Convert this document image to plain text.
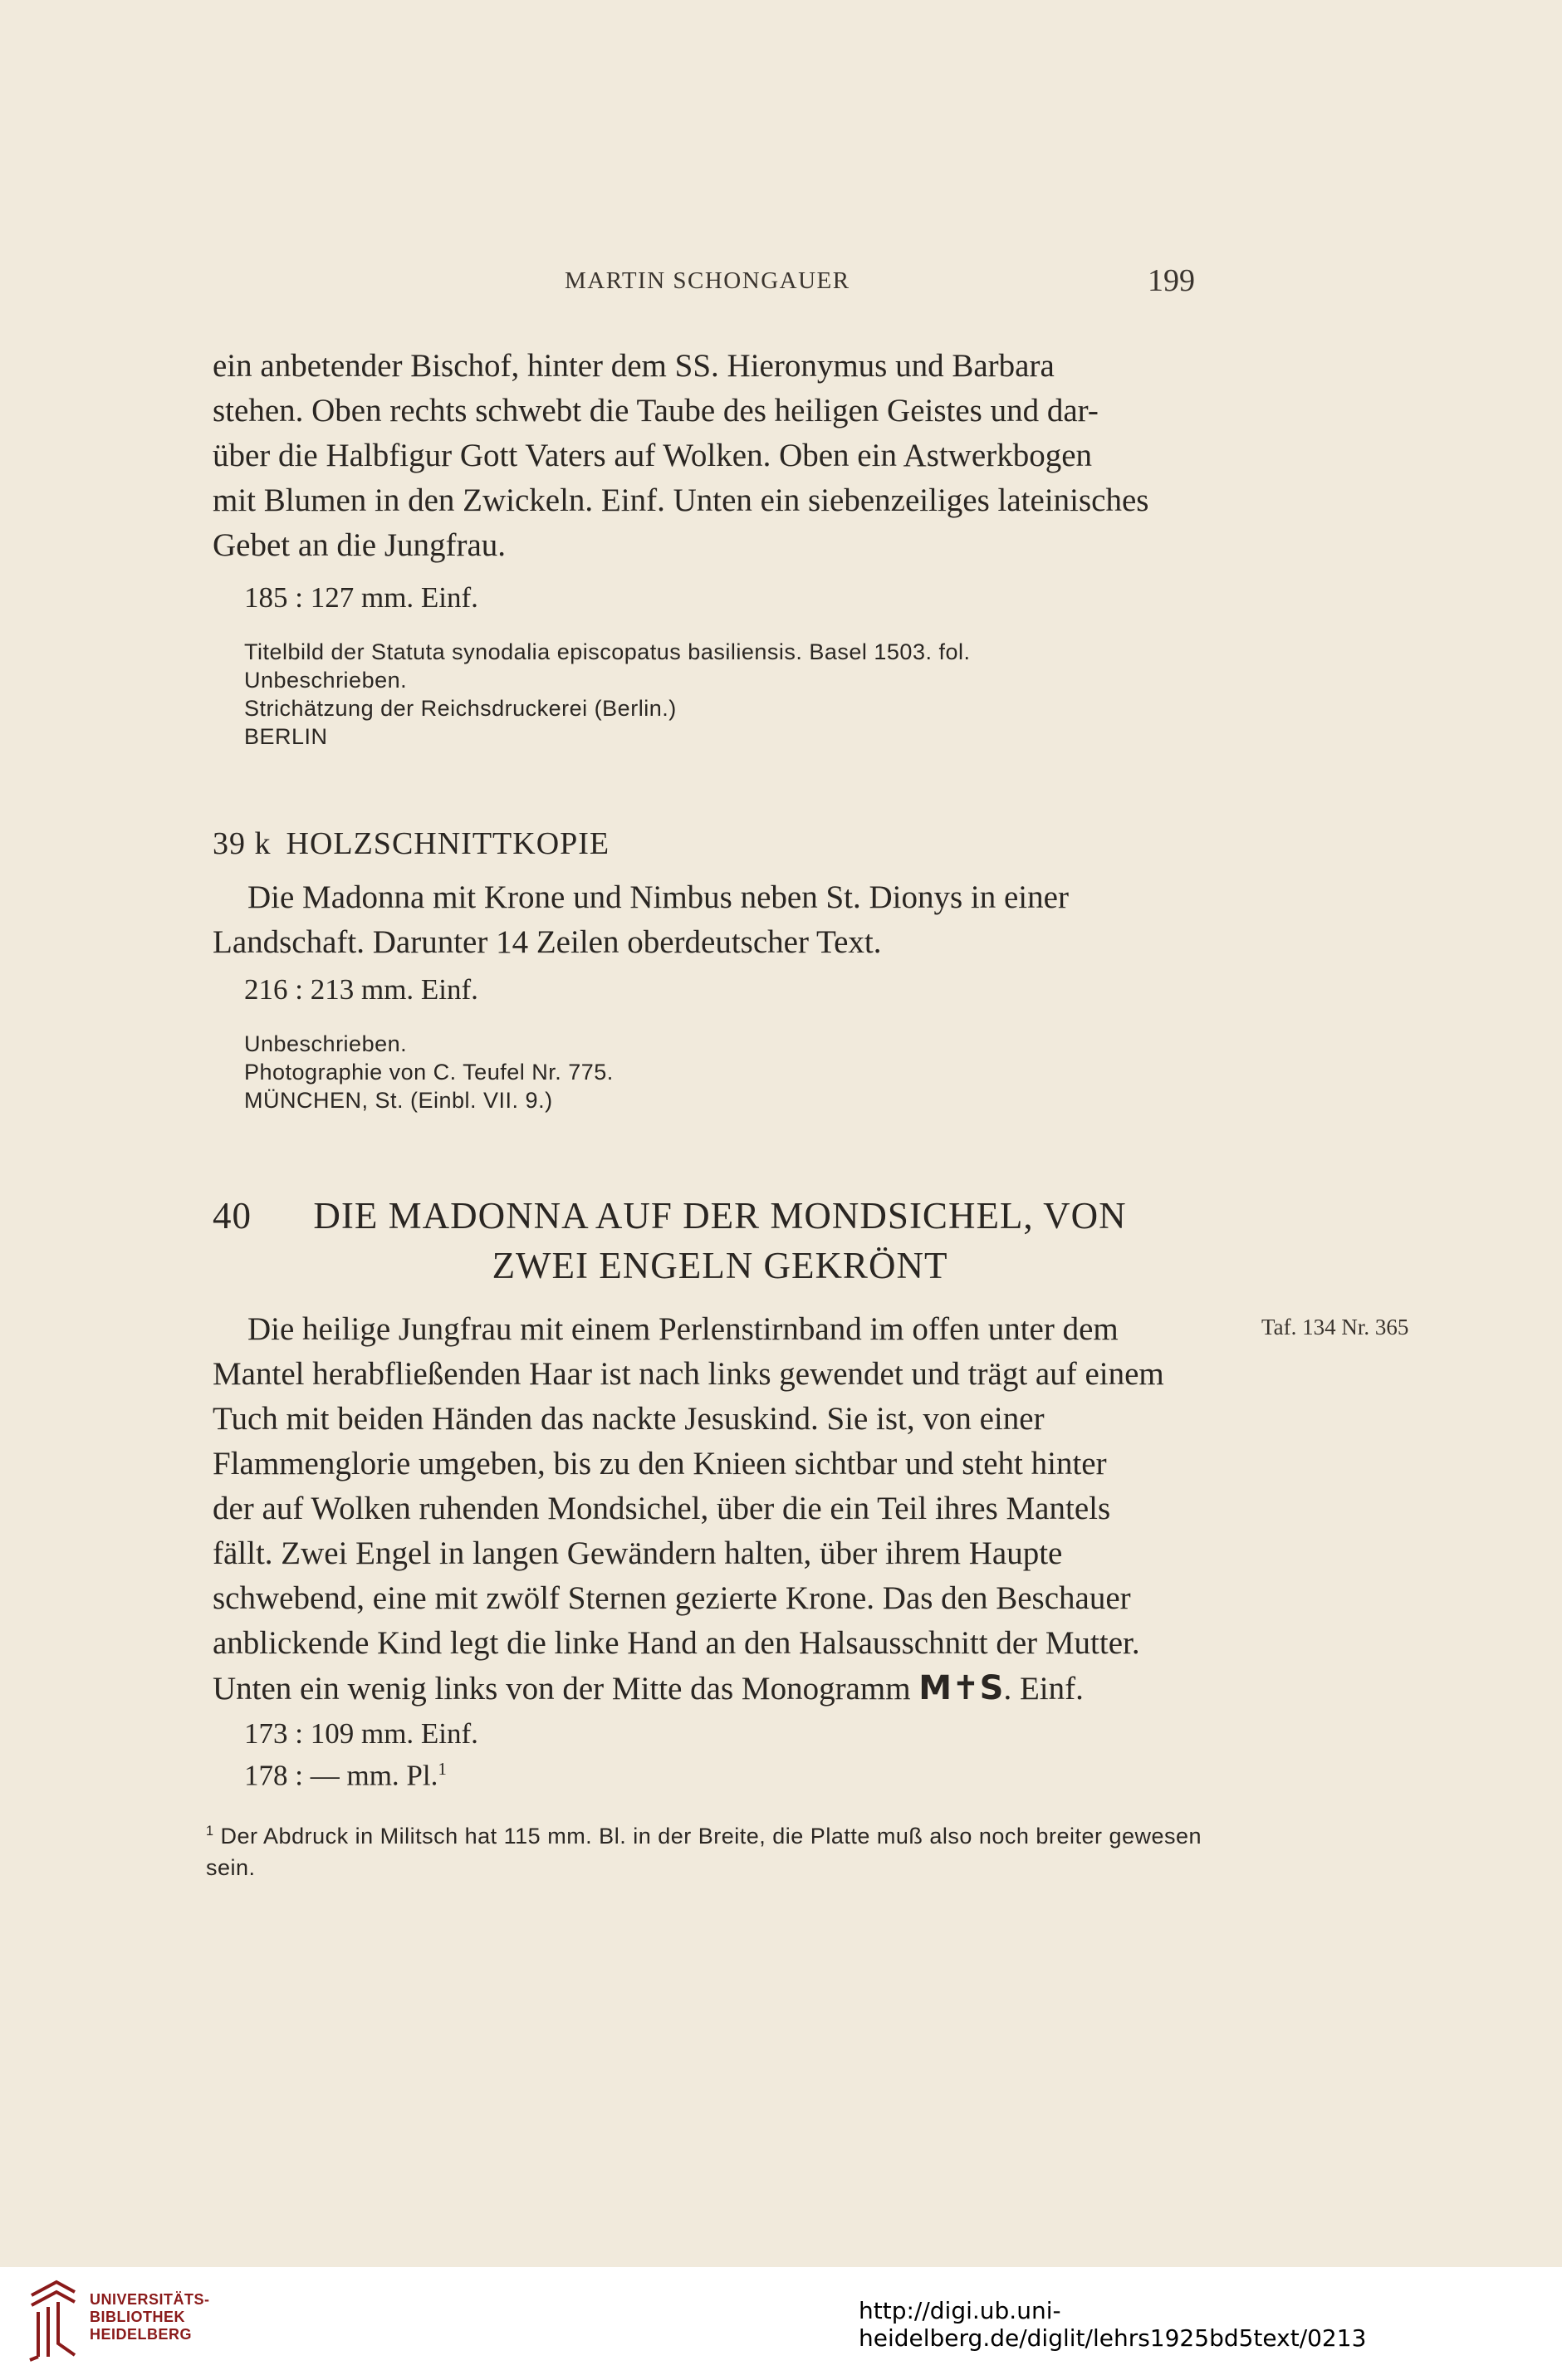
MARTIN SCHONGAUER	199
ein anbetender Bischof, hinter dem SS. Hieronymus und Barbara
stehen. Oben rechts schwebt die Taube des heiligen Geistes und dar-
über die Halbfigur Gott Vaters auf Wolken. Oben ein Astwerkbogen
mit Blumen in den Zwickeln. Einf. Unten ein siebenzeiliges lateinisches
Gebet an die Jungfrau.
185 : 127 mm. Einf.
Titelbild der Statuta synodalia episcopatus basiliensis. Basel 1503. fol.
Unbeschrieben.
Strichätzung der Reichsdruckerei (Berlin.)
BERLIN
39 k HOLZSCHNITTKOPIE
Die Madonna mit Krone und Nimbus neben St. Dionys in einer
Landschaft. Darunter 14 Zeilen oberdeutscher Text.
216 : 213 mm. Einf.
Unbeschrieben.
Photographie von C. Teufel Nr. 775.
MÜNCHEN, St. (Einbl. VII. 9.)
40	DIE MADONNA AUF DER MONDSICHEL, VON
ZWEI ENGELN GEKRÖNT
Taf. 134 Nr. 365
Die heilige Jungfrau mit einem Perlenstirnband im offen unter dem
Mantel herabfließenden Haar ist nach links gewendet und trägt auf einem
Tuch mit beiden Händen das nackte Jesuskind. Sie ist, von einer
Flammenglorie umgeben, bis zu den Knieen sichtbar und steht hinter
der auf Wolken ruhenden Mondsichel, über die ein Teil ihres Mantels
fällt. Zwei Engel in langen Gewändern halten, über ihrem Haupte
schwebend, eine mit zwölf Sternen gezierte Krone. Das den Beschauer
anblickende Kind legt die linke Hand an den Halsausschnitt der Mutter.
Unten ein wenig links von der Mitte das Monogramm M✝S. Einf.
173 : 109 mm. Einf.
178 : — mm. Pl.$^1$
$^1$ Der Abdruck in Militsch hat 115 mm. Bl. in der Breite, die Platte muß also noch breiter gewesen sein.
UNIVERSITÄTS-
BIBLIOTHEK
HEIDELBERG
http://digi.ub.uni-heidelberg.de/diglit/lehrs1925bd5text/0213
